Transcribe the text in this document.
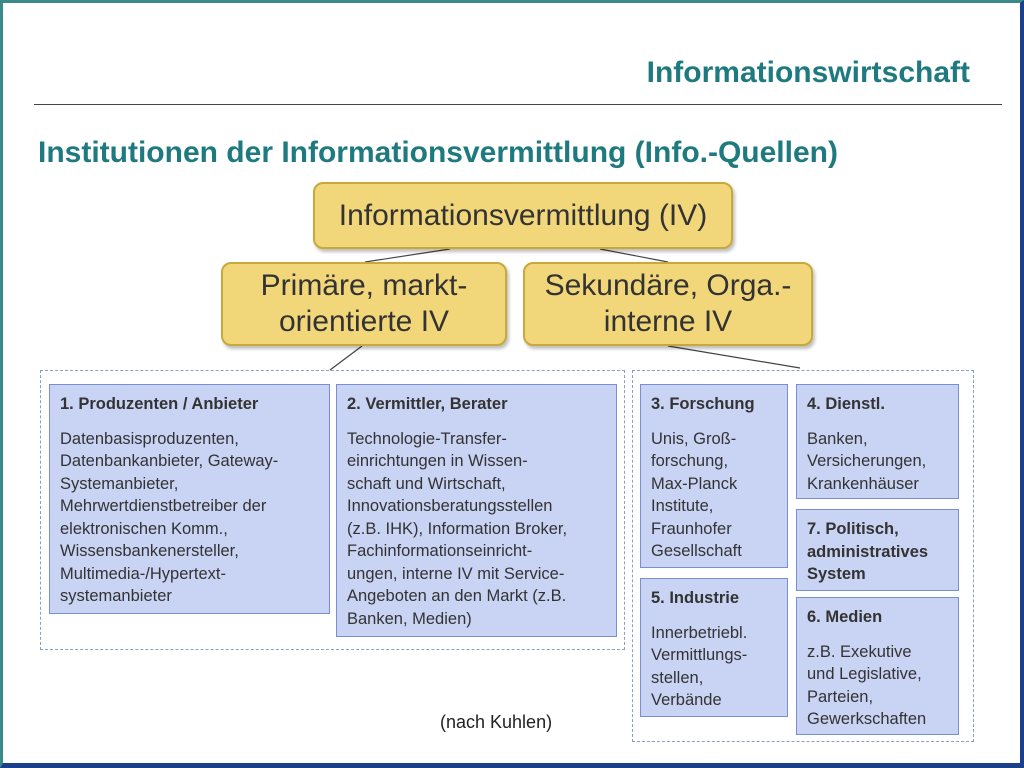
Informationswirtschaft
Institutionen der Informationsvermittlung (Info.-Quellen)
Informationsvermittlung (IV)
Primäre, markt-
orientierte IV
Sekundäre, Orga.-
interne IV
1. Produzenten / Anbieter
Datenbasisproduzenten,
Datenbankanbieter, Gateway-
Systemanbieter,
Mehrwertdienstbetreiber der
elektronischen Komm.,
Wissensbankenersteller,
Multimedia-/Hypertext-
systemanbieter
2. Vermittler, Berater
Technologie-Transfer-
einrichtungen in Wissen-
schaft und Wirtschaft,
Innovationsberatungsstellen
(z.B. IHK), Information Broker,
Fachinformationseinricht-
ungen, interne IV mit Service-
Angeboten an den Markt (z.B.
Banken, Medien)
3. Forschung
Unis, Groß-
forschung,
Max-Planck
Institute,
Fraunhofer
Gesellschaft
4. Dienstl.
Banken,
Versicherungen,
Krankenhäuser
7. Politisch,
administratives
System
5. Industrie
Innerbetriebl.
Vermittlungs-
stellen,
Verbände
6. Medien
z.B. Exekutive
und Legislative,
Parteien,
Gewerkschaften
(nach Kuhlen)
